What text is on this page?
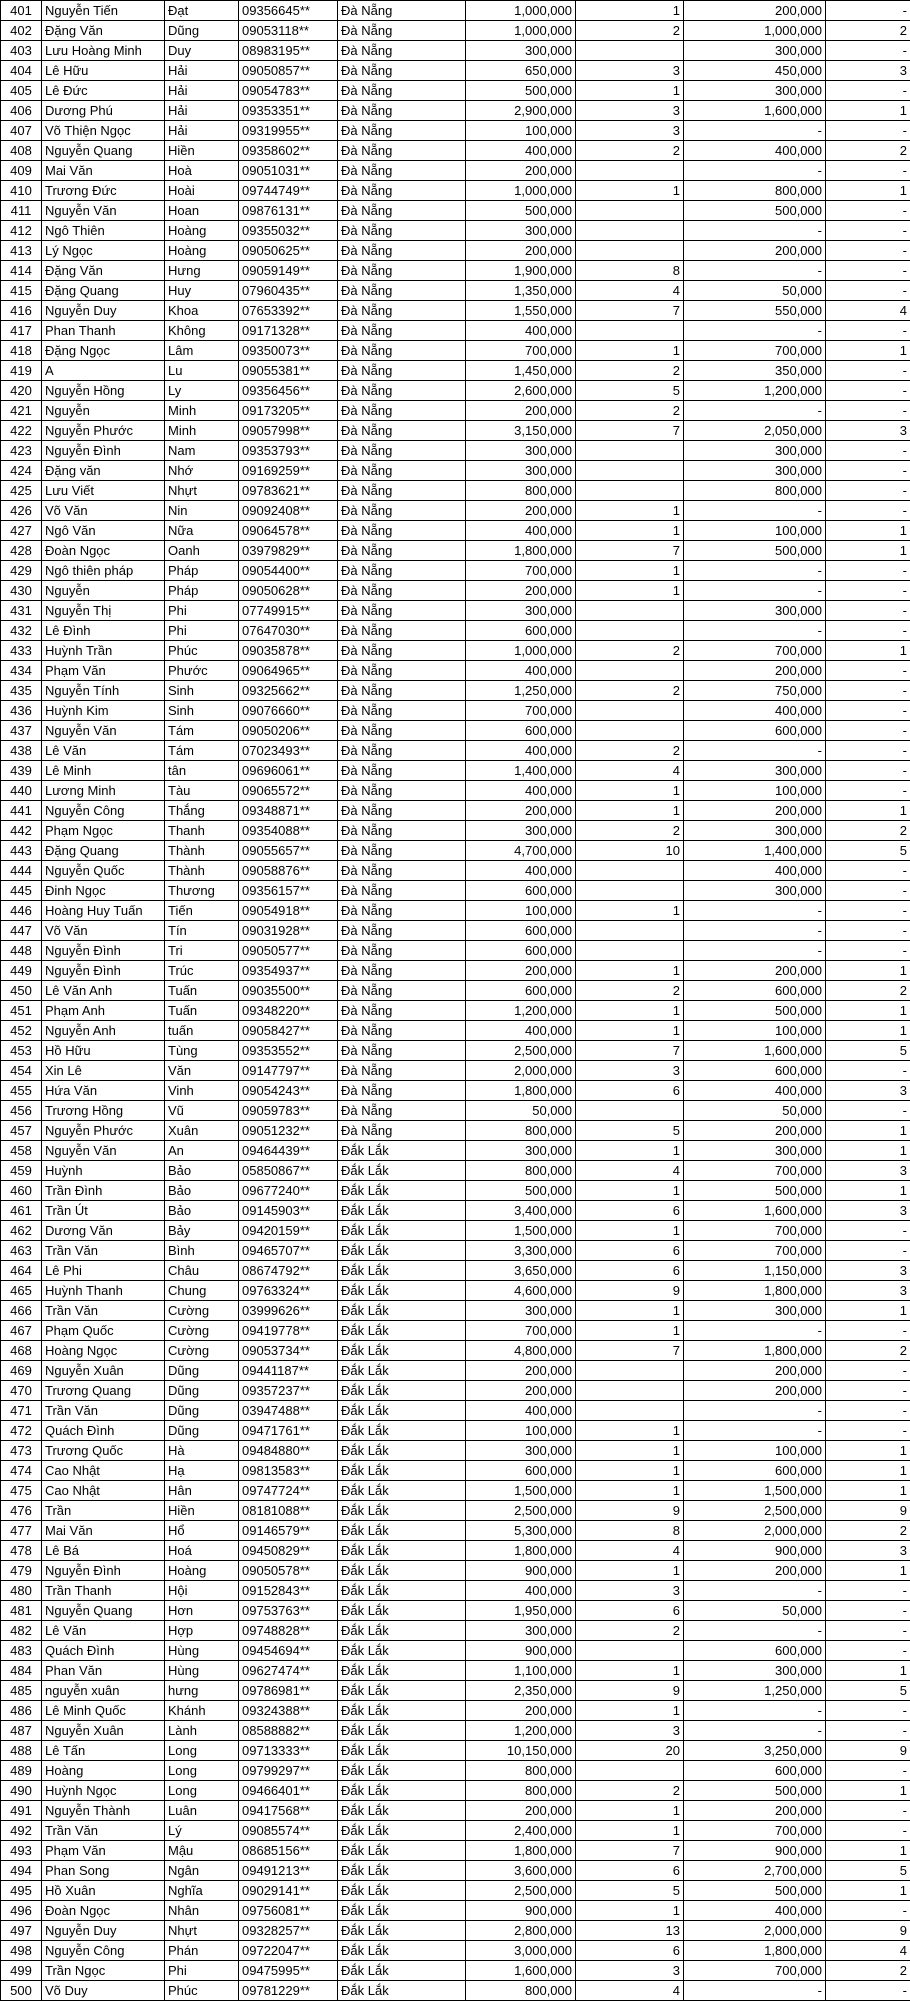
401	Nguyễn Tiến	Đạt	09356645**	Đà Nẵng	1,000,000	1	200,000	-
402	Đặng Văn	Dũng	09053118**	Đà Nẵng	1,000,000	2	1,000,000	2
403	Lưu Hoàng Minh	Duy	08983195**	Đà Nẵng	300,000		300,000	-
404	Lê Hữu	Hải	09050857**	Đà Nẵng	650,000	3	450,000	3
405	Lê Đức	Hải	09054783**	Đà Nẵng	500,000	1	300,000	-
406	Dương Phú	Hải	09353351**	Đà Nẵng	2,900,000	3	1,600,000	1
407	Võ Thiện Ngọc	Hải	09319955**	Đà Nẵng	100,000	3	-	-
408	Nguyễn Quang	Hiền	09358602**	Đà Nẵng	400,000	2	400,000	2
409	Mai Văn	Hoà	09051031**	Đà Nẵng	200,000		-	-
410	Trương Đức	Hoài	09744749**	Đà Nẵng	1,000,000	1	800,000	1
411	Nguyễn Văn	Hoan	09876131**	Đà Nẵng	500,000		500,000	-
412	Ngô Thiên	Hoàng	09355032**	Đà Nẵng	300,000		-	-
413	Lý Ngọc	Hoàng	09050625**	Đà Nẵng	200,000		200,000	-
414	Đặng Văn	Hưng	09059149**	Đà Nẵng	1,900,000	8	-	-
415	Đặng Quang	Huy	07960435**	Đà Nẵng	1,350,000	4	50,000	-
416	Nguyễn Duy	Khoa	07653392**	Đà Nẵng	1,550,000	7	550,000	4
417	Phan Thanh	Không	09171328**	Đà Nẵng	400,000		-	-
418	Đặng Ngọc	Lâm	09350073**	Đà Nẵng	700,000	1	700,000	1
419	A	Lu	09055381**	Đà Nẵng	1,450,000	2	350,000	-
420	Nguyễn Hồng	Ly	09356456**	Đà Nẵng	2,600,000	5	1,200,000	-
421	Nguyễn	Minh	09173205**	Đà Nẵng	200,000	2	-	-
422	Nguyễn Phước	Minh	09057998**	Đà Nẵng	3,150,000	7	2,050,000	3
423	Nguyễn Đình	Nam	09353793**	Đà Nẵng	300,000		300,000	-
424	Đặng văn	Nhớ	09169259**	Đà Nẵng	300,000		300,000	-
425	Lưu Viết	Nhựt	09783621**	Đà Nẵng	800,000		800,000	-
426	Võ Văn	Nin	09092408**	Đà Nẵng	200,000	1	-	-
427	Ngô Văn	Nữa	09064578**	Đà Nẵng	400,000	1	100,000	1
428	Đoàn Ngọc	Oanh	03979829**	Đà Nẵng	1,800,000	7	500,000	1
429	Ngô thiên pháp	Pháp	09054400**	Đà Nẵng	700,000	1	-	-
430	Nguyễn	Pháp	09050628**	Đà Nẵng	200,000	1	-	-
431	Nguyễn Thị	Phi	07749915**	Đà Nẵng	300,000		300,000	-
432	Lê Đình	Phi	07647030**	Đà Nẵng	600,000		-	-
433	Huỳnh Trần	Phúc	09035878**	Đà Nẵng	1,000,000	2	700,000	1
434	Phạm Văn	Phước	09064965**	Đà Nẵng	400,000		200,000	-
435	Nguyễn Tính	Sinh	09325662**	Đà Nẵng	1,250,000	2	750,000	-
436	Huỳnh Kim	Sinh	09076660**	Đà Nẵng	700,000		400,000	-
437	Nguyễn Văn	Tám	09050206**	Đà Nẵng	600,000		600,000	-
438	Lê Văn	Tám	07023493**	Đà Nẵng	400,000	2	-	-
439	Lê Minh	tân	09696061**	Đà Nẵng	1,400,000	4	300,000	-
440	Lương Minh	Tàu	09065572**	Đà Nẵng	400,000	1	100,000	-
441	Nguyễn Công	Thắng	09348871**	Đà Nẵng	200,000	1	200,000	1
442	Phạm Ngọc	Thanh	09354088**	Đà Nẵng	300,000	2	300,000	2
443	Đặng Quang	Thành	09055657**	Đà Nẵng	4,700,000	10	1,400,000	5
444	Nguyễn Quốc	Thành	09058876**	Đà Nẵng	400,000		400,000	-
445	Đinh Ngọc	Thương	09356157**	Đà Nẵng	600,000		300,000	-
446	Hoàng Huy Tuấn	Tiến	09054918**	Đà Nẵng	100,000	1	-	-
447	Võ Văn	Tín	09031928**	Đà Nẵng	600,000		-	-
448	Nguyễn Đình	Tri	09050577**	Đà Nẵng	600,000		-	-
449	Nguyễn Đình	Trúc	09354937**	Đà Nẵng	200,000	1	200,000	1
450	Lê Văn Anh	Tuấn	09035500**	Đà Nẵng	600,000	2	600,000	2
451	Phạm Anh	Tuấn	09348220**	Đà Nẵng	1,200,000	1	500,000	1
452	Nguyễn Anh	tuấn	09058427**	Đà Nẵng	400,000	1	100,000	1
453	Hồ Hữu	Tùng	09353552**	Đà Nẵng	2,500,000	7	1,600,000	5
454	Xin Lê	Văn	09147797**	Đà Nẵng	2,000,000	3	600,000	-
455	Hứa Văn	Vinh	09054243**	Đà Nẵng	1,800,000	6	400,000	3
456	Trương Hồng	Vũ	09059783**	Đà Nẵng	50,000		50,000	-
457	Nguyễn Phước	Xuân	09051232**	Đà Nẵng	800,000	5	200,000	1
458	Nguyễn Văn	An	09464439**	Đắk Lắk	300,000	1	300,000	1
459	Huỳnh	Bảo	05850867**	Đắk Lắk	800,000	4	700,000	3
460	Trần Đình	Bảo	09677240**	Đắk Lắk	500,000	1	500,000	1
461	Trần Út	Bảo	09145903**	Đắk Lắk	3,400,000	6	1,600,000	3
462	Dương Văn	Bảy	09420159**	Đắk Lắk	1,500,000	1	700,000	-
463	Trần Văn	Bình	09465707**	Đắk Lắk	3,300,000	6	700,000	-
464	Lê Phi	Châu	08674792**	Đắk Lắk	3,650,000	6	1,150,000	3
465	Huỳnh Thanh	Chung	09763324**	Đắk Lắk	4,600,000	9	1,800,000	3
466	Trần Văn	Cường	03999626**	Đắk Lắk	300,000	1	300,000	1
467	Phạm Quốc	Cường	09419778**	Đắk Lắk	700,000	1	-	-
468	Hoàng Ngọc	Cường	09053734**	Đắk Lắk	4,800,000	7	1,800,000	2
469	Nguyễn Xuân	Dũng	09441187**	Đắk Lắk	200,000		200,000	-
470	Trương Quang	Dũng	09357237**	Đắk Lắk	200,000		200,000	-
471	Trần Văn	Dũng	03947488**	Đắk Lắk	400,000		-	-
472	Quách Đình	Dũng	09471761**	Đắk Lắk	100,000	1	-	-
473	Trương Quốc	Hà	09484880**	Đắk Lắk	300,000	1	100,000	1
474	Cao Nhật	Hạ	09813583**	Đắk Lắk	600,000	1	600,000	1
475	Cao Nhật	Hân	09747724**	Đắk Lắk	1,500,000	1	1,500,000	1
476	Trần	Hiền	08181088**	Đắk Lắk	2,500,000	9	2,500,000	9
477	Mai Văn	Hổ	09146579**	Đắk Lắk	5,300,000	8	2,000,000	2
478	Lê Bá	Hoá	09450829**	Đắk Lắk	1,800,000	4	900,000	3
479	Nguyễn Đình	Hoàng	09050578**	Đắk Lắk	900,000	1	200,000	1
480	Trần Thanh	Hội	09152843**	Đắk Lắk	400,000	3	-	-
481	Nguyễn Quang	Hơn	09753763**	Đắk Lắk	1,950,000	6	50,000	-
482	Lê Văn	Hợp	09748828**	Đắk Lắk	300,000	2	-	-
483	Quách Đình	Hùng	09454694**	Đắk Lắk	900,000		600,000	-
484	Phan Văn	Hùng	09627474**	Đắk Lắk	1,100,000	1	300,000	1
485	nguyễn xuân	hưng	09786981**	Đắk Lắk	2,350,000	9	1,250,000	5
486	Lê Minh Quốc	Khánh	09324388**	Đắk Lắk	200,000	1	-	-
487	Nguyễn Xuân	Lành	08588882**	Đắk Lắk	1,200,000	3	-	-
488	Lê Tấn	Long	09713333**	Đắk Lắk	10,150,000	20	3,250,000	9
489	Hoàng	Long	09799297**	Đắk Lắk	800,000		600,000	-
490	Huỳnh Ngọc	Long	09466401**	Đắk Lắk	800,000	2	500,000	1
491	Nguyễn Thành	Luân	09417568**	Đắk Lắk	200,000	1	200,000	-
492	Trần Văn	Lý	09085574**	Đắk Lắk	2,400,000	1	700,000	-
493	Phạm Văn	Mậu	08685156**	Đắk Lắk	1,800,000	7	900,000	1
494	Phan Song	Ngân	09491213**	Đắk Lắk	3,600,000	6	2,700,000	5
495	Hồ Xuân	Nghĩa	09029141**	Đắk Lắk	2,500,000	5	500,000	1
496	Đoàn Ngọc	Nhân	09756081**	Đắk Lắk	900,000	1	400,000	-
497	Nguyễn Duy	Nhựt	09328257**	Đắk Lắk	2,800,000	13	2,000,000	9
498	Nguyễn Công	Phán	09722047**	Đắk Lắk	3,000,000	6	1,800,000	4
499	Trần Ngọc	Phi	09475995**	Đắk Lắk	1,600,000	3	700,000	2
500	Võ Duy	Phúc	09781229**	Đắk Lắk	800,000	4	-	-
